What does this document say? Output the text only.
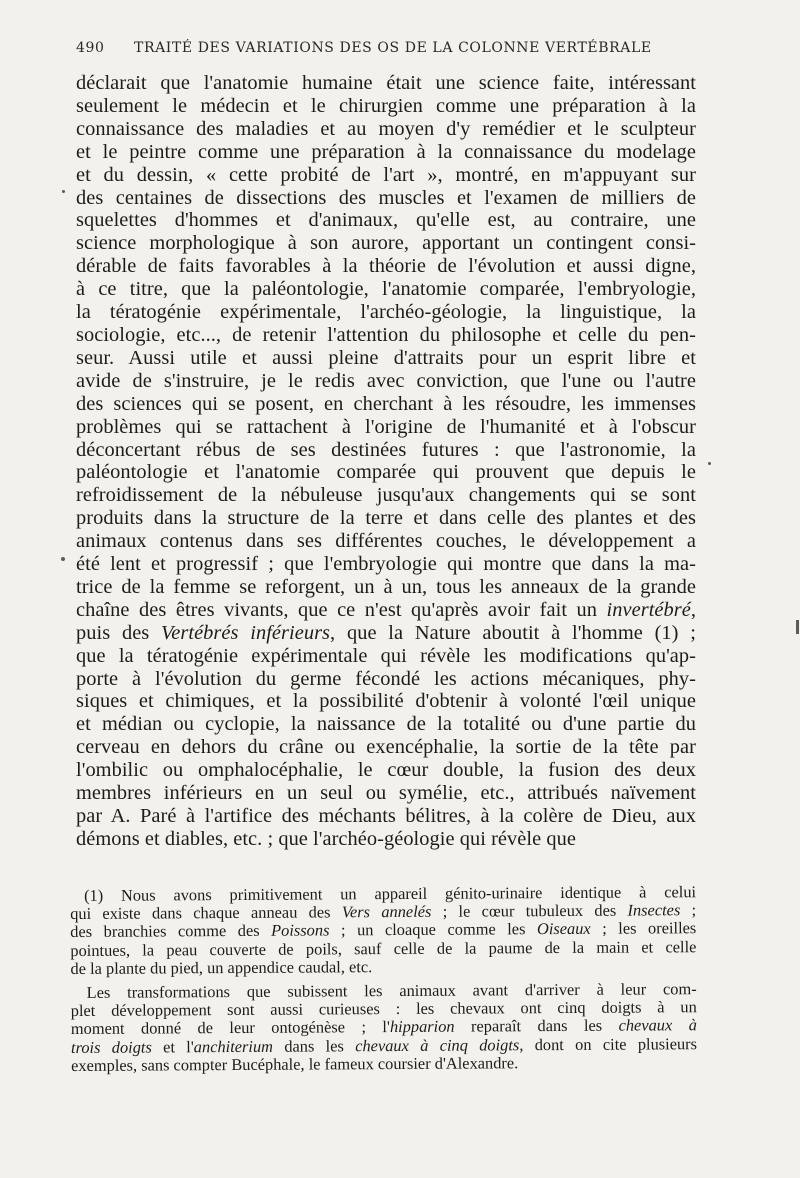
490 TRAITÉ DES VARIATIONS DES OS DE LA COLONNE VERTÉBRALE
déclarait que l'anatomie humaine était une science faite, intéressant
seulement le médecin et le chirurgien comme une préparation à la
connaissance des maladies et au moyen d'y remédier et le sculpteur
et le peintre comme une préparation à la connaissance du modelage
et du dessin, « cette probité de l'art », montré, en m'appuyant sur
des centaines de dissections des muscles et l'examen de milliers de
squelettes d'hommes et d'animaux, qu'elle est, au contraire, une
science morphologique à son aurore, apportant un contingent consi-
dérable de faits favorables à la théorie de l'évolution et aussi digne,
à ce titre, que la paléontologie, l'anatomie comparée, l'embryologie,
la tératogénie expérimentale, l'archéo-géologie, la linguistique, la
sociologie, etc..., de retenir l'attention du philosophe et celle du pen-
seur. Aussi utile et aussi pleine d'attraits pour un esprit libre et
avide de s'instruire, je le redis avec conviction, que l'une ou l'autre
des sciences qui se posent, en cherchant à les résoudre, les immenses
problèmes qui se rattachent à l'origine de l'humanité et à l'obscur
déconcertant rébus de ses destinées futures : que l'astronomie, la
paléontologie et l'anatomie comparée qui prouvent que depuis le
refroidissement de la nébuleuse jusqu'aux changements qui se sont
produits dans la structure de la terre et dans celle des plantes et des
animaux contenus dans ses différentes couches, le développement a
été lent et progressif ; que l'embryologie qui montre que dans la ma-
trice de la femme se reforgent, un à un, tous les anneaux de la grande
chaîne des êtres vivants, que ce n'est qu'après avoir fait un invertébré,
puis des Vertébrés inférieurs, que la Nature aboutit à l'homme (1) ;
que la tératogénie expérimentale qui révèle les modifications qu'ap-
porte à l'évolution du germe fécondé les actions mécaniques, phy-
siques et chimiques, et la possibilité d'obtenir à volonté l'œil unique
et médian ou cyclopie, la naissance de la totalité ou d'une partie du
cerveau en dehors du crâne ou exencéphalie, la sortie de la tête par
l'ombilic ou omphalocéphalie, le cœur double, la fusion des deux
membres inférieurs en un seul ou symélie, etc., attribués naïvement
par A. Paré à l'artifice des méchants bélitres, à la colère de Dieu, aux
démons et diables, etc. ; que l'archéo-géologie qui révèle que
(1) Nous avons primitivement un appareil génito-urinaire identique à celui
qui existe dans chaque anneau des Vers annelés ; le cœur tubuleux des Insectes ;
des branchies comme des Poissons ; un cloaque comme les Oiseaux ; les oreilles
pointues, la peau couverte de poils, sauf celle de la paume de la main et celle
de la plante du pied, un appendice caudal, etc.
Les transformations que subissent les animaux avant d'arriver à leur com-
plet développement sont aussi curieuses : les chevaux ont cinq doigts à un
moment donné de leur ontogénèse ; l'hipparion reparaît dans les chevaux à
trois doigts et l'anchiterium dans les chevaux à cinq doigts, dont on cite plusieurs
exemples, sans compter Bucéphale, le fameux coursier d'Alexandre.
